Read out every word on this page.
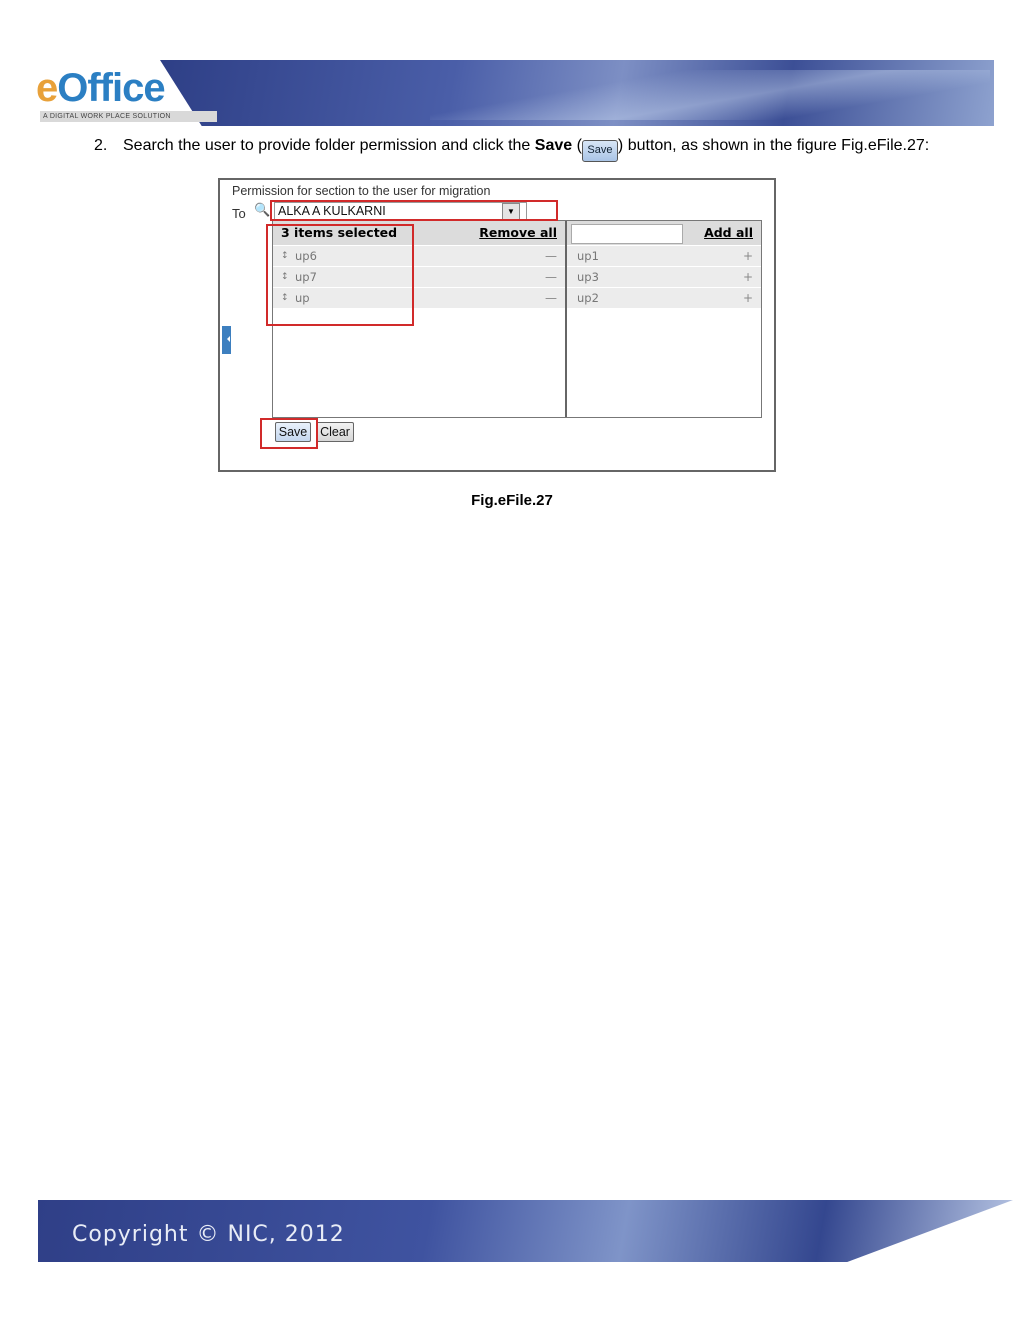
eOffice
A DIGITAL WORK PLACE SOLUTION
2. Search the user to provide folder permission and click the Save ( Save ) button, as shown in the figure Fig.eFile.27:
Permission for section to the user for migration
To 🔍 ALKA A KULKARNI	▼
3 items selected	Remove all
↕ up6	—
↕ up7	—
↕ up	—
Add all
up1	+
up3	+
up2	+
Save	Clear
Fig.eFile.27
Copyright © NIC, 2012
